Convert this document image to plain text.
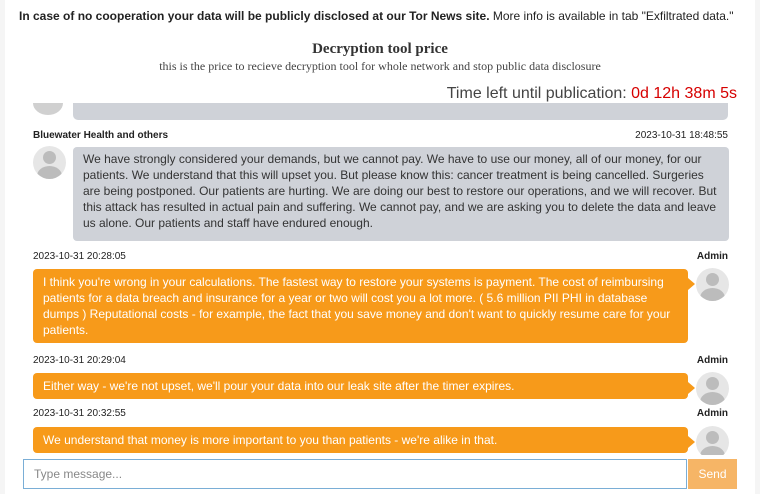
In case of no cooperation your data will be publicly disclosed at our Tor News site. More info is available in tab "Exfiltrated data."
Decryption tool price
this is the price to recieve decryption tool for whole network and stop public data disclosure
Time left until publication: 0d 12h 38m 5s
Bluewater Health and others	2023-10-31 18:48:55
We have strongly considered your demands, but we cannot pay. We have to use our money, all of our money, for our patients. We understand that this will upset you. But please know this: cancer treatment is being cancelled. Surgeries are being postponed. Our patients are hurting. We are doing our best to restore our operations, and we will recover. But this attack has resulted in actual pain and suffering. We cannot pay, and we are asking you to delete the data and leave us alone. Our patients and staff have endured enough.
2023-10-31 20:28:05	Admin
I think you're wrong in your calculations. The fastest way to restore your systems is payment. The cost of reimbursing patients for a data breach and insurance for a year or two will cost you a lot more. ( 5.6 million PII PHI in database dumps ) Reputational costs - for example, the fact that you save money and don't want to quickly resume care for your patients.
2023-10-31 20:29:04	Admin
Either way - we're not upset, we'll pour your data into our leak site after the timer expires.
2023-10-31 20:32:55	Admin
We understand that money is more important to you than patients - we're alike in that.
Type message...
Send
